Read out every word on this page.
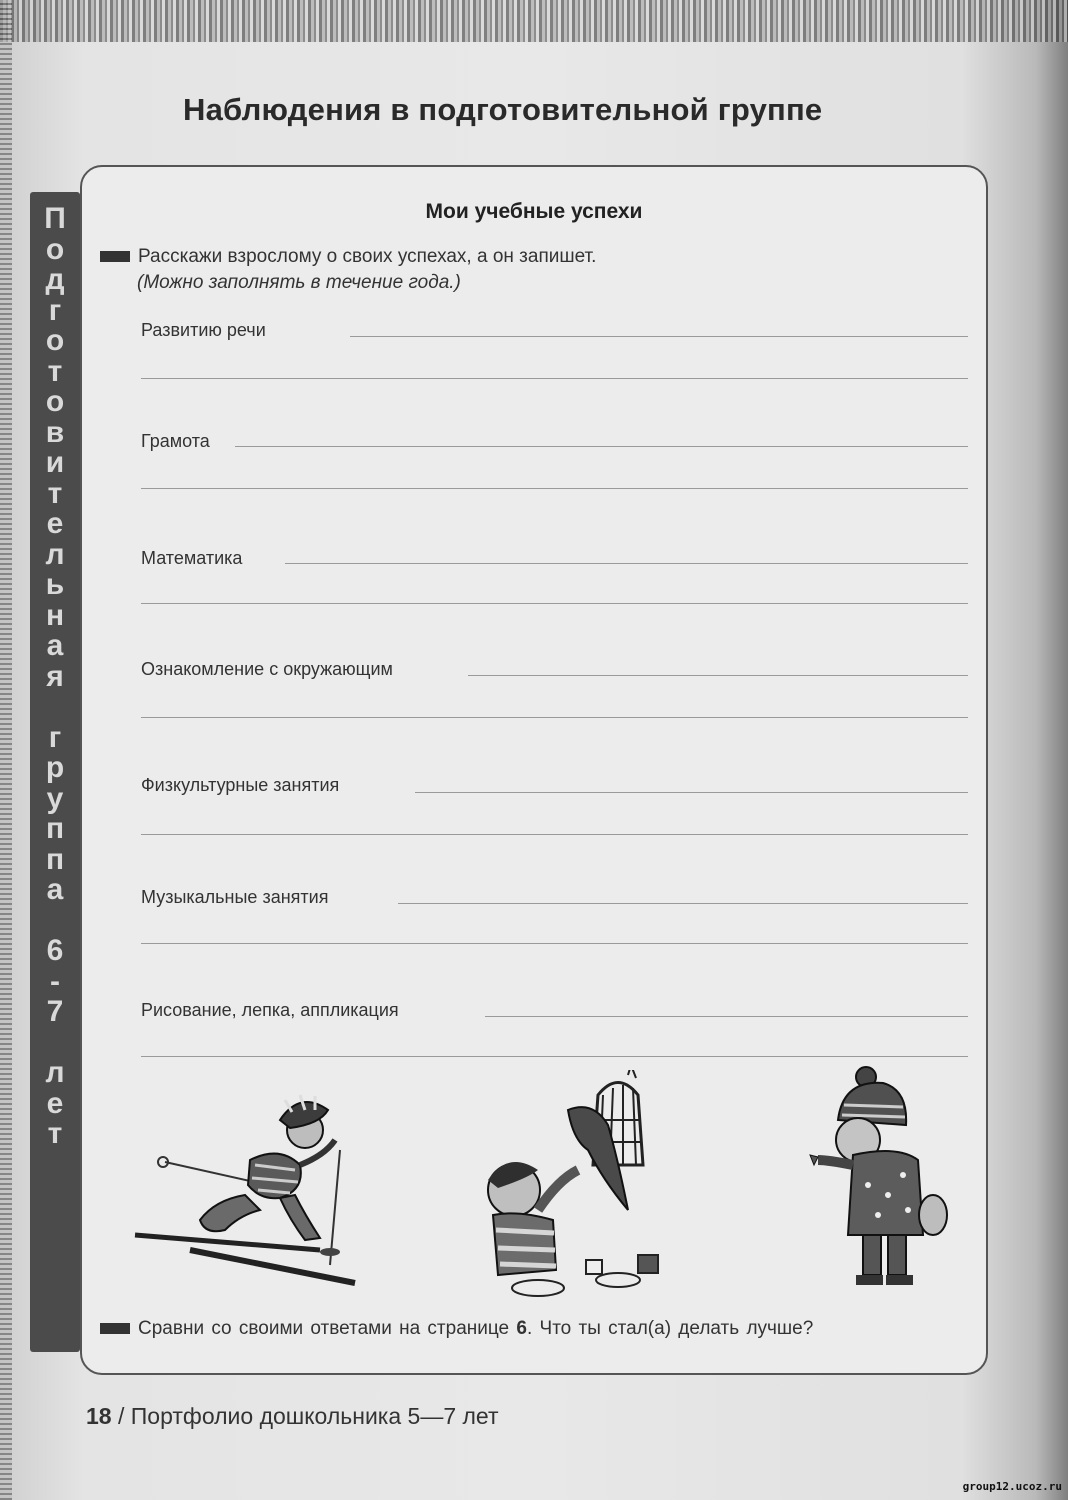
Наблюдения в подготовительной группе
П
о
д
г
о
т
о
в
и
т
е
л
ь
н
а
я

г
р
у
п
п
а

6
-
7

л
е
т
Мои учебные успехи
Расскажи взрослому о своих успехах, а он запишет.
(Можно заполнять в течение года.)
Развитию речи
Грамота
Математика
Ознакомление с окружающим
Физкультурные занятия
Музыкальные занятия
Рисование, лепка, аппликация
Сравни со своими ответами на странице 6. Что ты стал(а) делать лучше?
18 / Портфолио дошкольника 5—7 лет
group12.ucoz.ru
